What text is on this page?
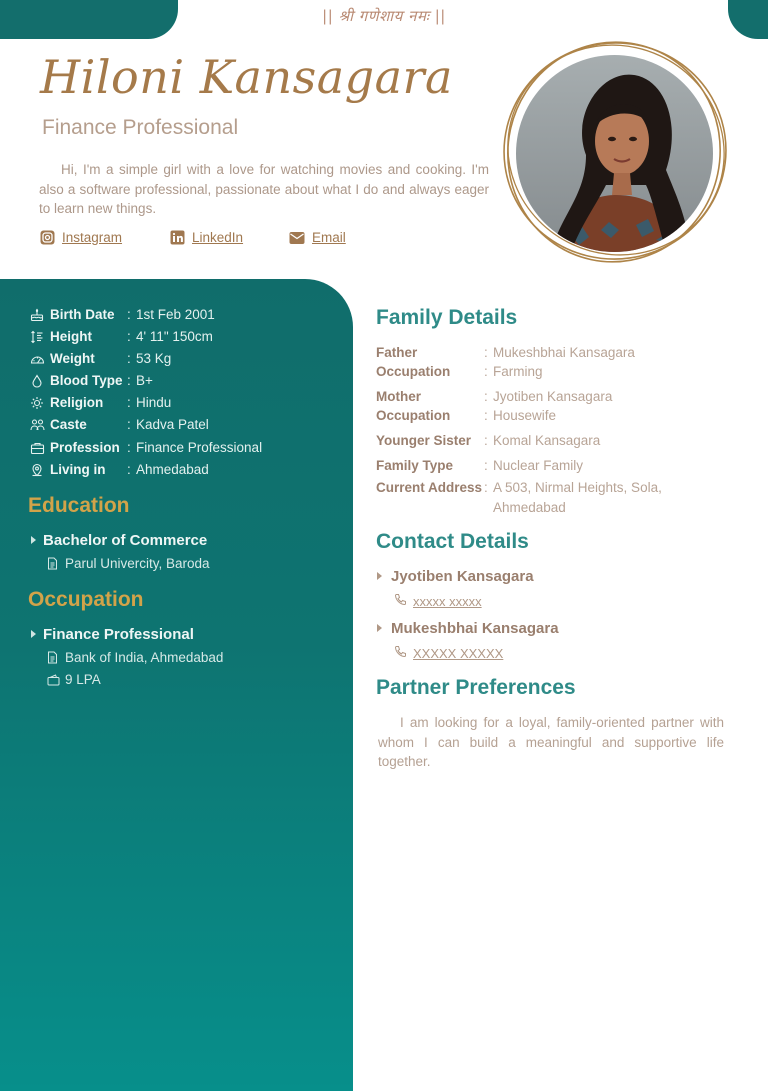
|| श्री गणेशाय नमः ||
Hiloni Kansagara
Finance Professional

Hi, I'm a simple girl with a love for watching movies and cooking. I'm also a software professional, passionate about what I do and always eager to learn new things.

Instagram	LinkedIn	Email
Birth Date : 1st Feb 2001
Height	: 4' 11" 150cm
Weight	: 53 Kg
Blood Type : B+
Religion	: Hindu
Caste	: Kadva Patel
Profession : Finance Professional
Living in	: Ahmedabad
Education
Bachelor of Commerce
Parul Univercity, Baroda
Occupation
Finance Professional
Bank of India, Ahmedabad
9 LPA
Family Details
Father	: Mukeshbhai Kansagara
Occupation	: Farming
Mother	: Jyotiben Kansagara
Occupation	: Housewife
Younger Sister : Komal Kansagara
Family Type	: Nuclear Family
Current Address : A 503, Nirmal Heights, Sola, Ahmedabad
Contact Details
Jyotiben Kansagara
xxxxx xxxxx
Mukeshbhai Kansagara
XXXXX XXXXX
Partner Preferences

I am looking for a loyal, family-oriented partner with whom I can build a meaningful and supportive life together.
